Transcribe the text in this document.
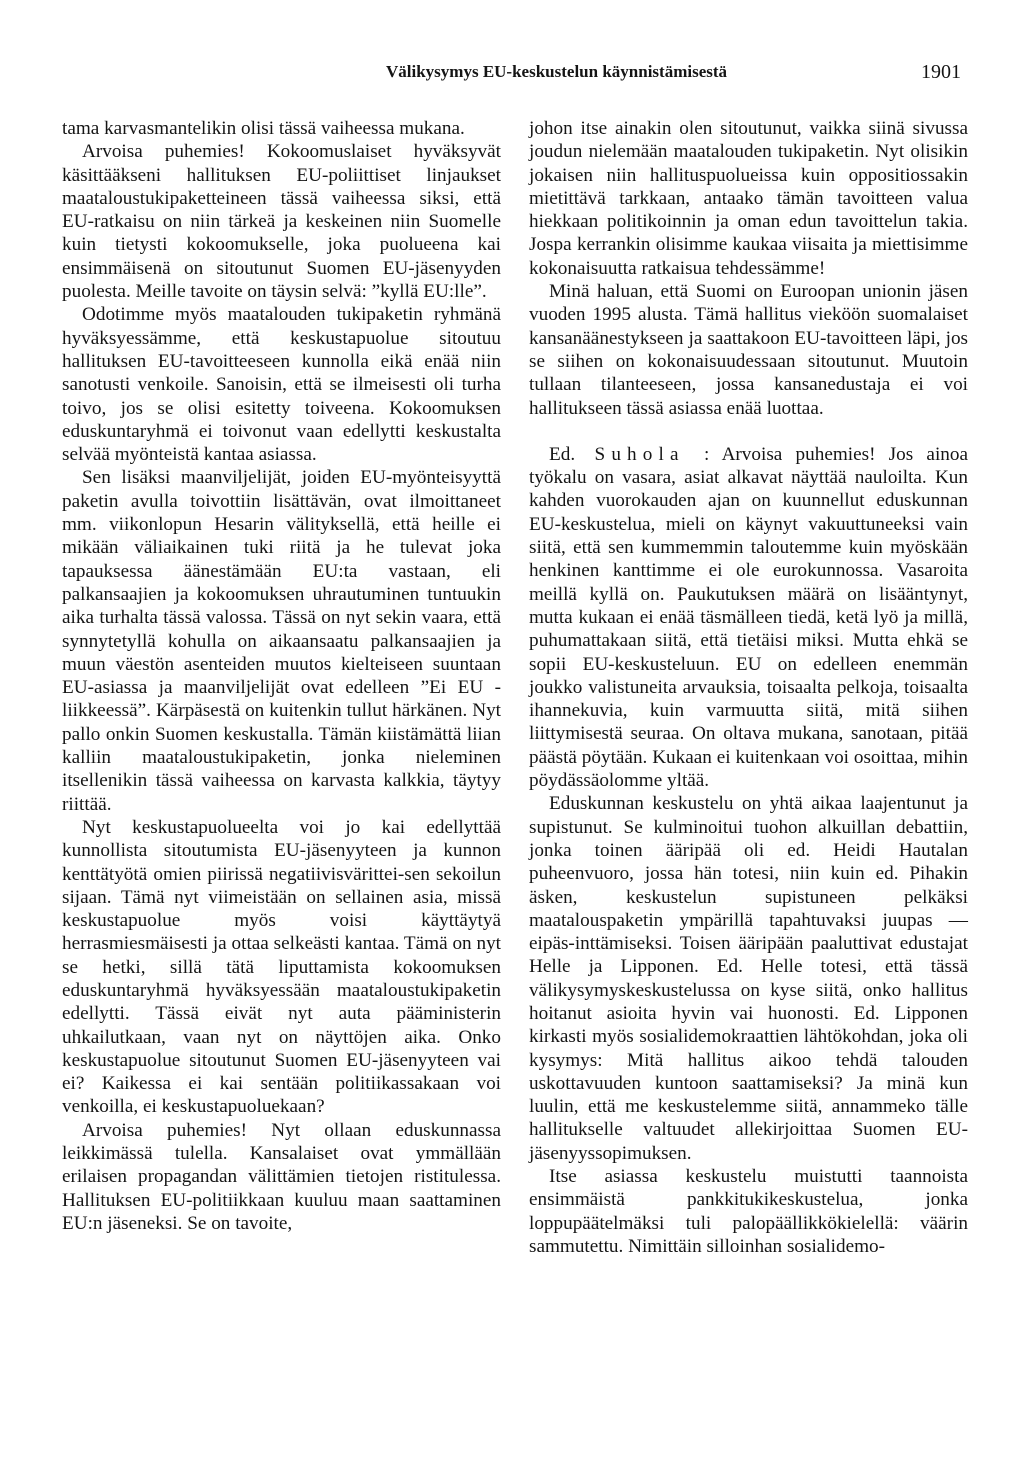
Välikysymys EU-keskustelun käynnistämisestä	1901

tama karvasmantelikin olisi tässä vaiheessa mukana.

Arvoisa puhemies! Kokoomuslaiset hyväksyvät käsittääkseni hallituksen EU-poliittiset linjaukset maataloustukipaketteineen tässä vaiheessa siksi, että EU-ratkaisu on niin tärkeä ja keskeinen niin Suomelle kuin tietysti kokoomukselle, joka puolueena kai ensimmäisenä on sitoutunut Suomen EU-jäsenyyden puolesta. Meille tavoite on täysin selvä: ”kyllä EU:lle”.

Odotimme myös maatalouden tukipaketin ryhmänä hyväksyessämme, että keskustapuolue sitoutuu hallituksen EU-tavoitteeseen kunnolla eikä enää niin sanotusti venkoile. Sanoisin, että se ilmeisesti oli turha toivo, jos se olisi esitetty toiveena. Kokoomuksen eduskuntaryhmä ei toivonut vaan edellytti keskustalta selvää myönteistä kantaa asiassa.

Sen lisäksi maanviljelijät, joiden EU-myönteisyyttä paketin avulla toivottiin lisättävän, ovat ilmoittaneet mm. viikonlopun Hesarin välityksellä, että heille ei mikään väliaikainen tuki riitä ja he tulevat joka tapauksessa äänestämään EU:ta vastaan, eli palkansaajien ja kokoomuksen uhrautuminen tuntuukin aika turhalta tässä valossa. Tässä on nyt sekin vaara, että synnytetyllä kohulla on aikaansaatu palkansaajien ja muun väestön asenteiden muutos kielteiseen suuntaan EU-asiassa ja maanviljelijät ovat edelleen ”Ei EU -liikkeessä”. Kärpäsestä on kuitenkin tullut härkänen. Nyt pallo onkin Suomen keskustalla. Tämän kiistämättä liian kalliin maataloustukipaketin, jonka nieleminen itsellenikin tässä vaiheessa on karvasta kalkkia, täytyy riittää.

Nyt keskustapuolueelta voi jo kai edellyttää kunnollista sitoutumista EU-jäsenyyteen ja kunnon kenttätyötä omien piirissä negatiivisvärittei-sen sekoilun sijaan. Tämä nyt viimeistään on sellainen asia, missä keskustapuolue myös voisi käyttäytyä herrasmiesmäisesti ja ottaa selkeästi kantaa. Tämä on nyt se hetki, sillä tätä liputtamista kokoomuksen eduskuntaryhmä hyväksyessään maataloustukipaketin edellytti. Tässä eivät nyt auta pääministerin uhkailutkaan, vaan nyt on näyttöjen aika. Onko keskustapuolue sitoutunut Suomen EU-jäsenyyteen vai ei? Kaikessa ei kai sentään politiikassakaan voi venkoilla, ei keskustapuoluekaan?

Arvoisa puhemies! Nyt ollaan eduskunnassa leikkimässä tulella. Kansalaiset ovat ymmällään erilaisen propagandan välittämien tietojen ristitulessa. Hallituksen EU-politiikkaan kuuluu maan saattaminen EU:n jäseneksi. Se on tavoite,

johon itse ainakin olen sitoutunut, vaikka siinä sivussa joudun nielemään maatalouden tukipaketin. Nyt olisikin jokaisen niin hallituspuolueissa kuin oppositiossakin mietittävä tarkkaan, antaako tämän tavoitteen valua hiekkaan politikoinnin ja oman edun tavoittelun takia. Jospa kerrankin olisimme kaukaa viisaita ja miettisimme kokonaisuutta ratkaisua tehdessämme!

Minä haluan, että Suomi on Euroopan unionin jäsen vuoden 1995 alusta. Tämä hallitus vieköön suomalaiset kansanäänestykseen ja saattakoon EU-tavoitteen läpi, jos se siihen on kokonaisuudessaan sitoutunut. Muutoin tullaan tilanteeseen, jossa kansanedustaja ei voi hallitukseen tässä asiassa enää luottaa.

Ed. Suhola : Arvoisa puhemies! Jos ainoa työkalu on vasara, asiat alkavat näyttää nauloilta. Kun kahden vuorokauden ajan on kuunnellut eduskunnan EU-keskustelua, mieli on käynyt vakuuttuneeksi vain siitä, että sen kummemmin taloutemme kuin myöskään henkinen kanttimme ei ole eurokunnossa. Vasaroita meillä kyllä on. Paukutuksen määrä on lisääntynyt, mutta kukaan ei enää täsmälleen tiedä, ketä lyö ja millä, puhumattakaan siitä, että tietäisi miksi. Mutta ehkä se sopii EU-keskusteluun. EU on edelleen enemmän joukko valistuneita arvauksia, toisaalta pelkoja, toisaalta ihannekuvia, kuin varmuutta siitä, mitä siihen liittymisestä seuraa. On oltava mukana, sanotaan, pitää päästä pöytään. Kukaan ei kuitenkaan voi osoittaa, mihin pöydässäolomme yltää.

Eduskunnan keskustelu on yhtä aikaa laajentunut ja supistunut. Se kulminoitui tuohon alkuillan debattiin, jonka toinen ääripää oli ed. Heidi Hautalan puheenvuoro, jossa hän totesi, niin kuin ed. Pihakin äsken, keskustelun supistuneen pelkäksi maatalouspaketin ympärillä tapahtuvaksi juupas — eipäs-inttämiseksi. Toisen ääripään paaluttivat edustajat Helle ja Lipponen. Ed. Helle totesi, että tässä välikysymyskeskustelussa on kyse siitä, onko hallitus hoitanut asioita hyvin vai huonosti. Ed. Lipponen kirkasti myös sosialidemokraattien lähtökohdan, joka oli kysymys: Mitä hallitus aikoo tehdä talouden uskottavuuden kuntoon saattamiseksi? Ja minä kun luulin, että me keskustelemme siitä, annammeko tälle hallitukselle valtuudet allekirjoittaa Suomen EU-jäsenyyssopimuksen.

Itse asiassa keskustelu muistutti taannoista ensimmäistä pankkitukikeskustelua, jonka loppupäätelmäksi tuli palopäällikkökielellä: väärin sammutettu. Nimittäin silloinhan sosialidemo-
